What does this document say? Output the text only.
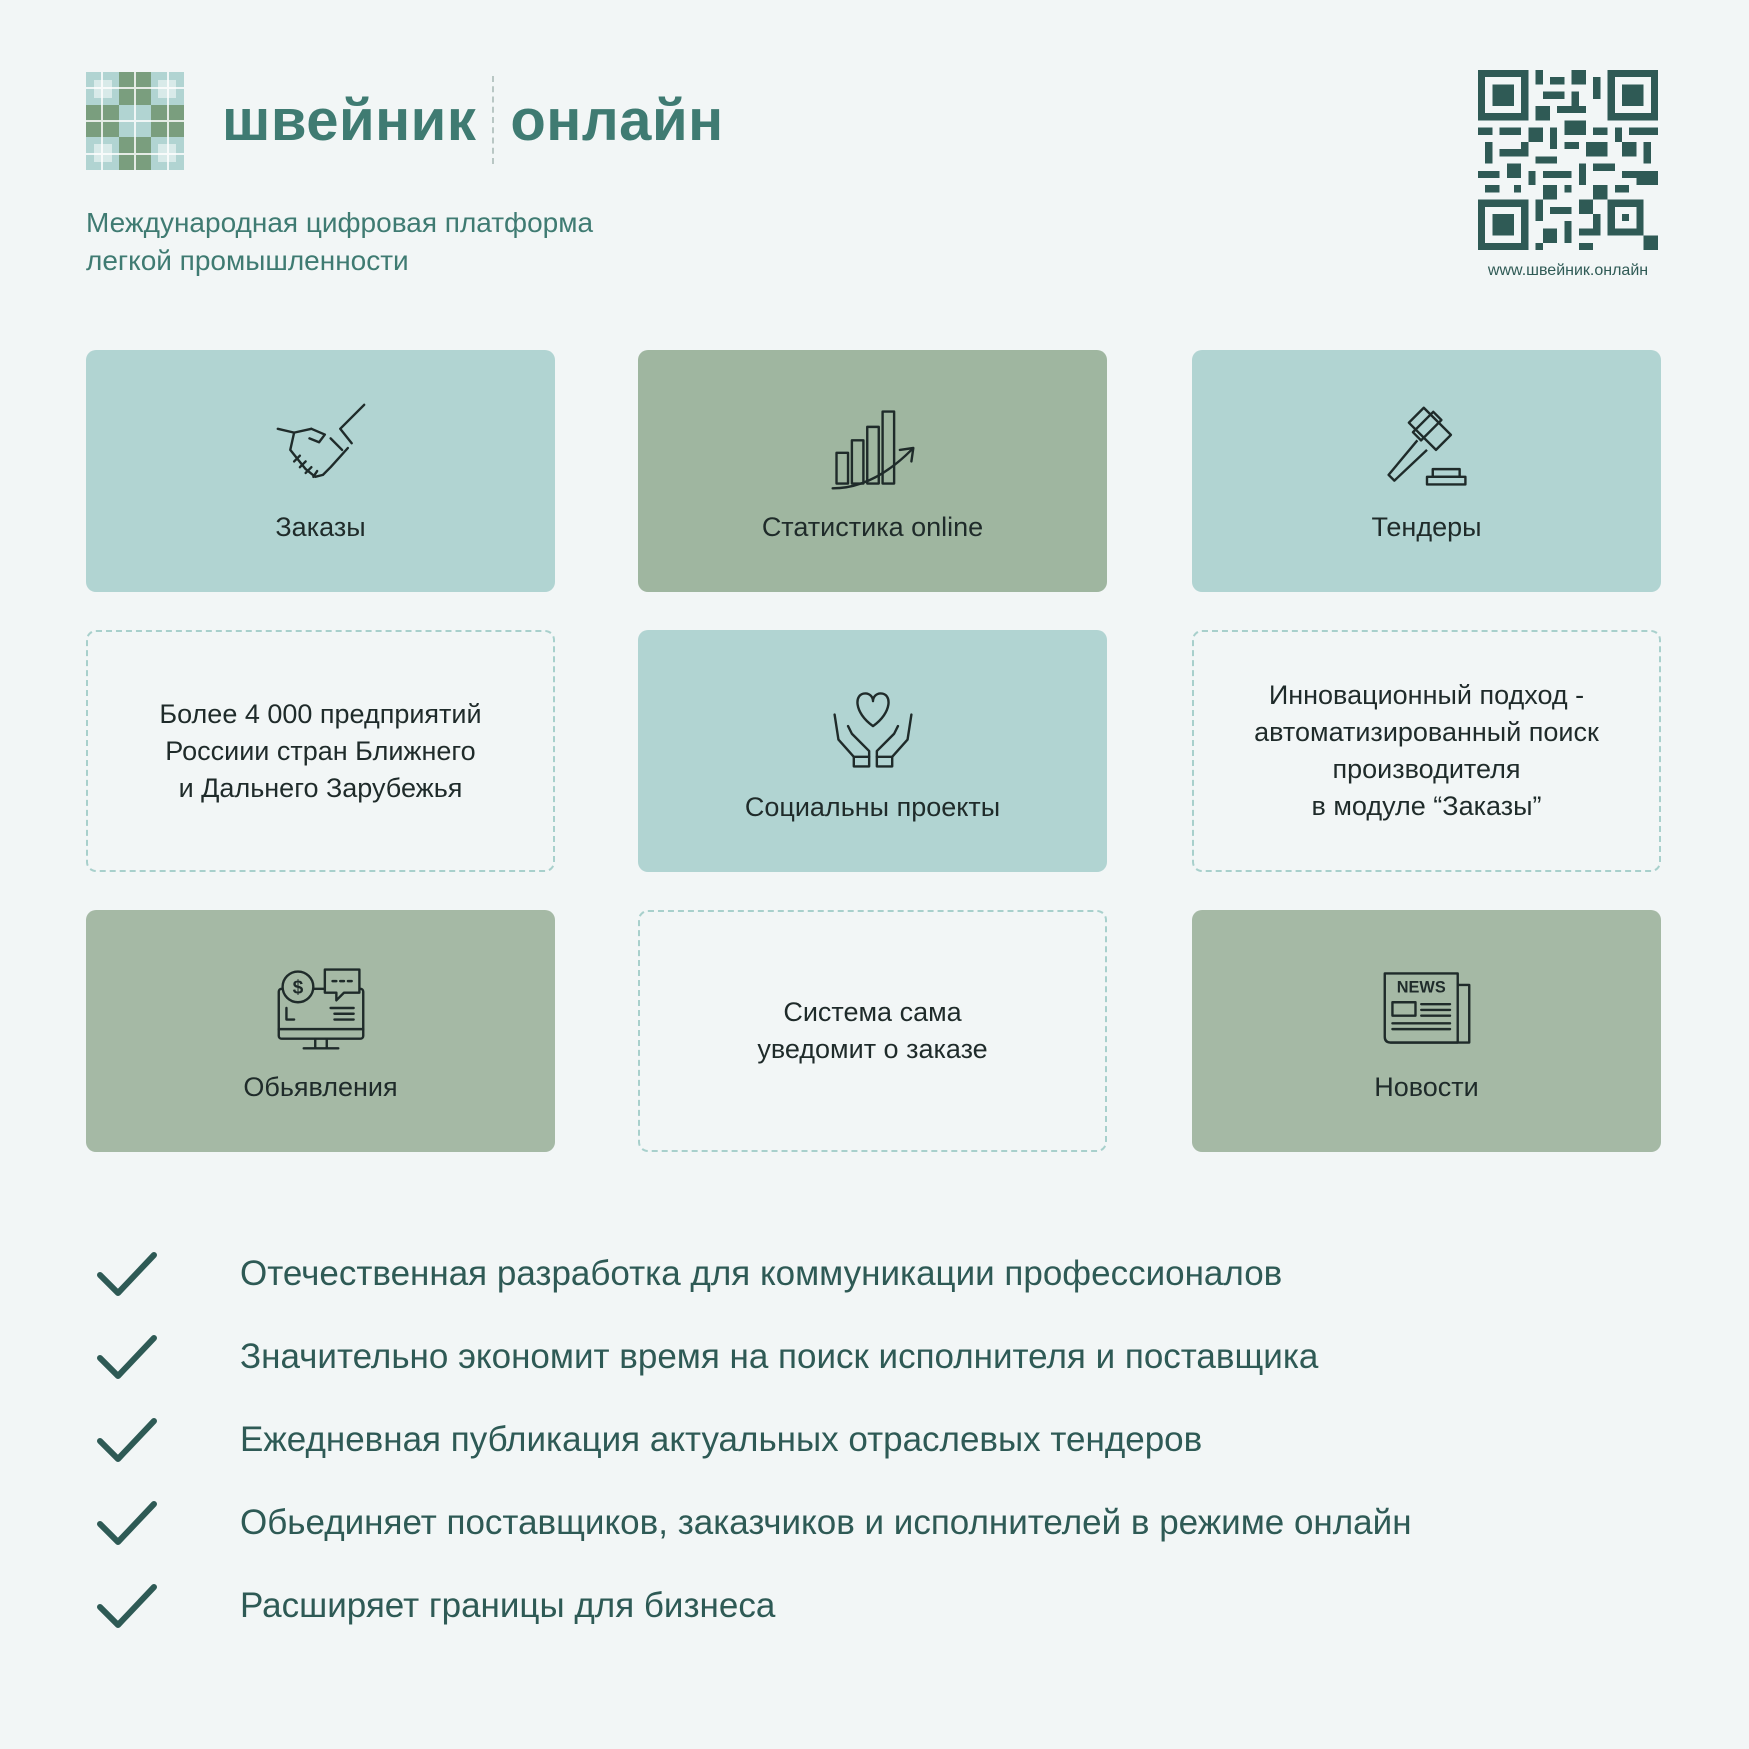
швейник онлайн
Международная цифровая платформа
легкой промышленности	www.швейник.онлайн
Заказы	Статистика online	Тендеры
Более 4 000 предприятий
Россиии стран Ближнего
и Дальнего Зарубежья
Социальны проекты
Инновационный подход -
автоматизированный поиск
производителя
в модуле “Заказы”
$
Обьявления
Система сама
уведомит о заказе
NEWS
Новости
Отечественная разработка для коммуникации профессионалов
Значительно экономит время на поиск исполнителя и поставщика
Ежедневная публикация актуальных отраслевых тендеров
Обьединяет поставщиков, заказчиков и исполнителей в режиме онлайн
Расширяет границы для бизнеса
